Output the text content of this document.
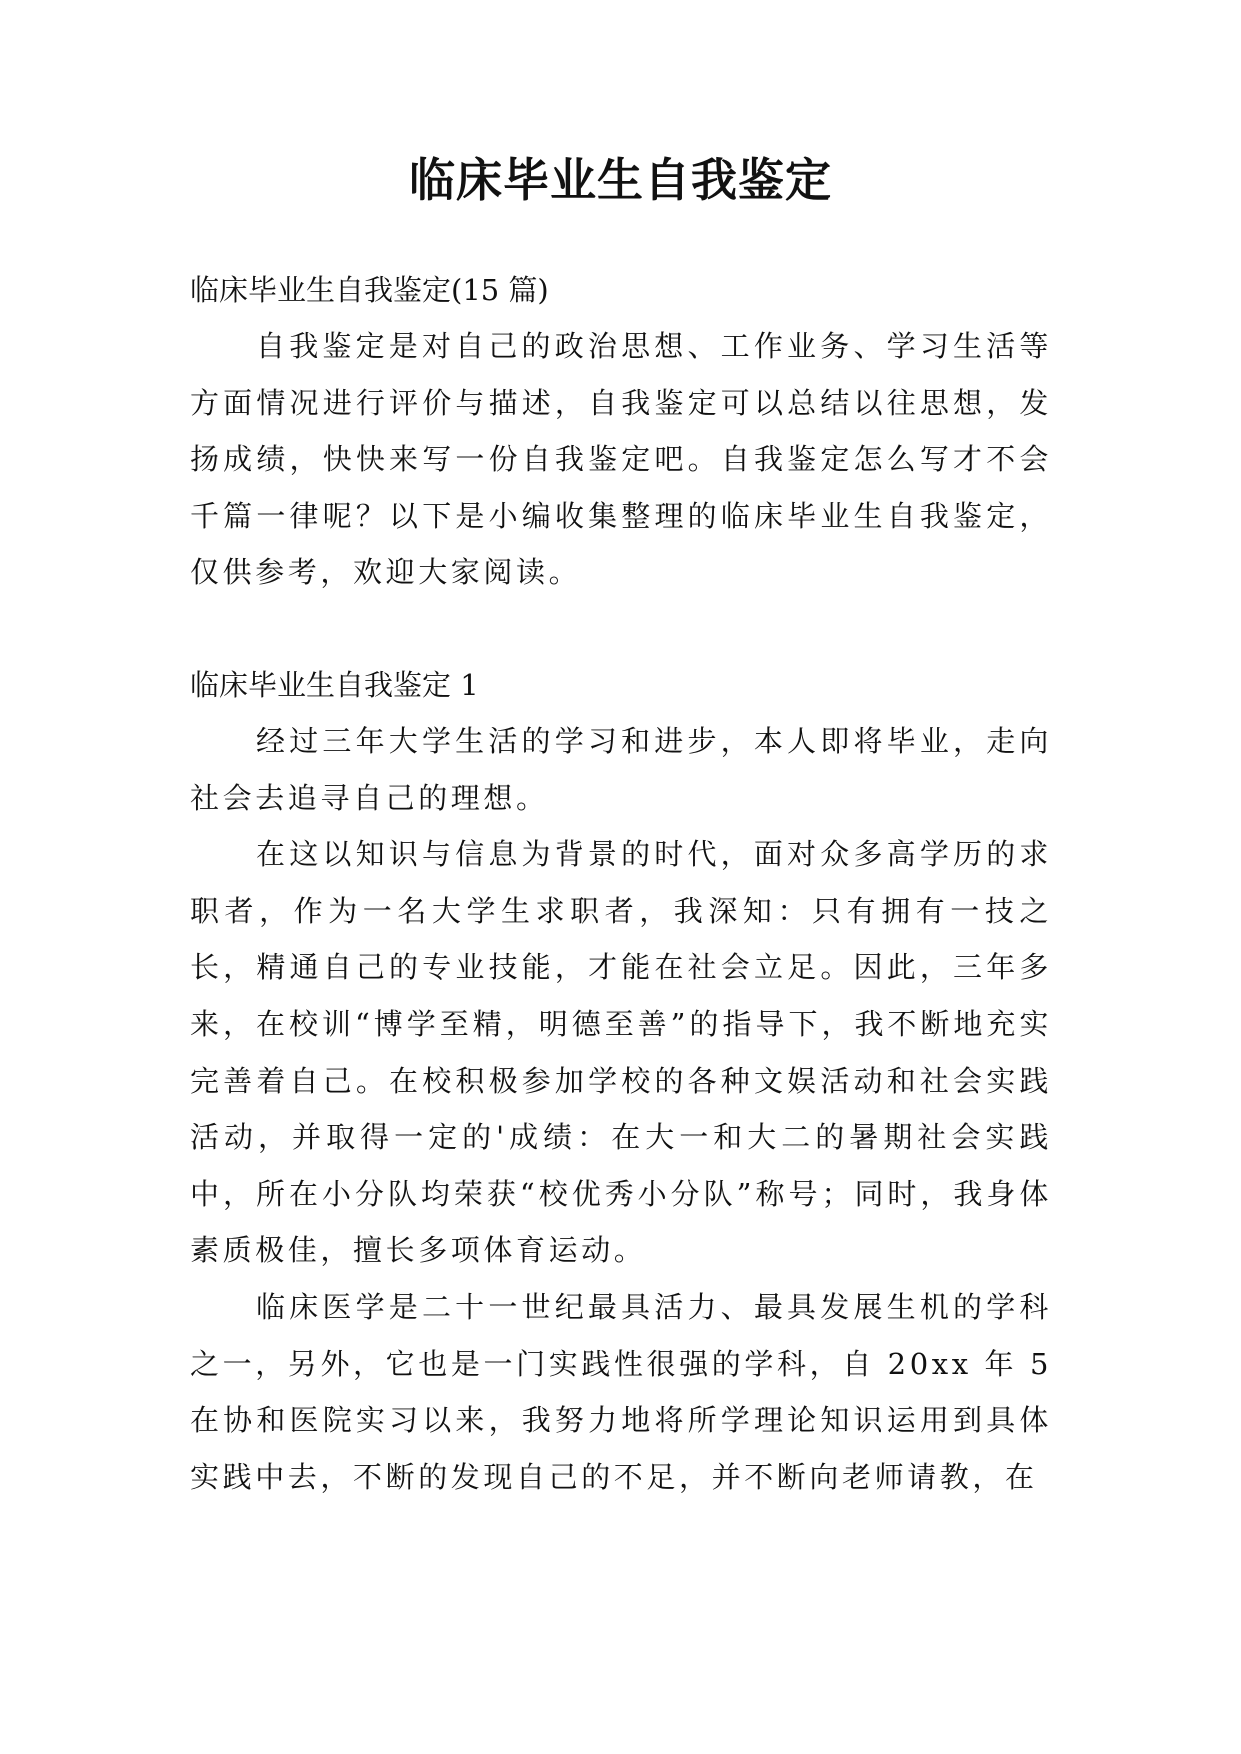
临床毕业生自我鉴定

临床毕业生自我鉴定(15 篇)

自我鉴定是对自己的政治思想、工作业务、学习生活等方面情况进行评价与描述，自我鉴定可以总结以往思想，发扬成绩，快快来写一份自我鉴定吧。自我鉴定怎么写才不会千篇一律呢？以下是小编收集整理的临床毕业生自我鉴定，仅供参考，欢迎大家阅读。

临床毕业生自我鉴定 1

经过三年大学生活的学习和进步，本人即将毕业，走向社会去追寻自己的理想。

在这以知识与信息为背景的时代，面对众多高学历的求职者，作为一名大学生求职者，我深知：只有拥有一技之长，精通自己的专业技能，才能在社会立足。因此，三年多来，在校训“博学至精，明德至善”的指导下，我不断地充实完善着自己。在校积极参加学校的各种文娱活动和社会实践活动，并取得一定的'成绩：在大一和大二的暑期社会实践中，所在小分队均荣获“校优秀小分队”称号；同时，我身体素质极佳，擅长多项体育运动。

临床医学是二十一世纪最具活力、最具发展生机的学科之一，另外，它也是一门实践性很强的学科，自 20xx 年 5 在协和医院实习以来，我努力地将所学理论知识运用到具体实践中去，不断的发现自己的不足，并不断向老师请教，在
